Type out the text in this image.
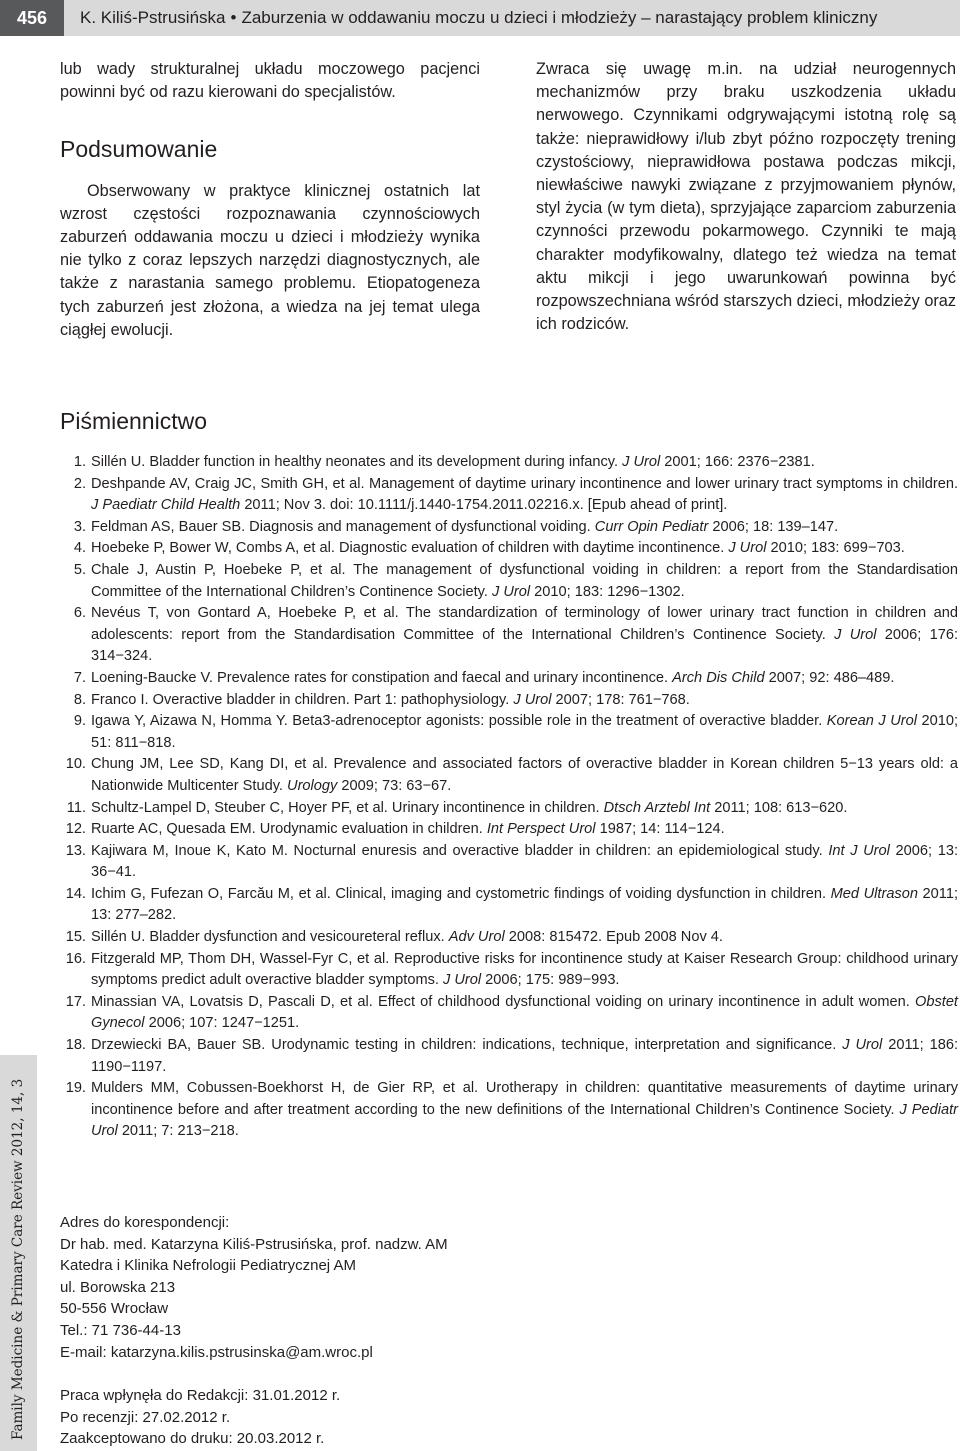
456	K. Kiliś-Pstrusińska • Zaburzenia w oddawaniu moczu u dzieci i młodzieży – narastający problem kliniczny
Family Medicine & Primary Care Review 2012, 14, 3

lub wady strukturalnej układu moczowego pacjenci powinni być od razu kierowani do specjalistów.

Podsumowanie

Obserwowany w praktyce klinicznej ostatnich lat wzrost częstości rozpoznawania czynnościowych zaburzeń oddawania moczu u dzieci i młodzieży wynika nie tylko z coraz lepszych narzędzi diagnostycznych, ale także z narastania samego problemu. Etiopatogeneza tych zaburzeń jest złożona, a wiedza na jej temat ulega ciągłej ewolucji.

Zwraca się uwagę m.in. na udział neurogennych mechanizmów przy braku uszkodzenia układu nerwowego. Czynnikami odgrywającymi istotną rolę są także: nieprawidłowy i/lub zbyt późno rozpoczęty trening czystościowy, nieprawidłowa postawa podczas mikcji, niewłaściwe nawyki związane z przyjmowaniem płynów, styl życia (w tym dieta), sprzyjające zaparciom zaburzenia czynności przewodu pokarmowego. Czynniki te mają charakter modyfikowalny, dlatego też wiedza na temat aktu mikcji i jego uwarunkowań powinna być rozpowszechniana wśród starszych dzieci, młodzieży oraz ich rodziców.

Piśmiennictwo
1. Sillén U. Bladder function in healthy neonates and its development during infancy. J Urol 2001; 166: 2376−2381.
2. Deshpande AV, Craig JC, Smith GH, et al. Management of daytime urinary incontinence and lower urinary tract symptoms in children. J Paediatr Child Health 2011; Nov 3. doi: 10.1111/j.1440-1754.2011.02216.x. [Epub ahead of print].
3. Feldman AS, Bauer SB. Diagnosis and management of dysfunctional voiding. Curr Opin Pediatr 2006; 18: 139–147.
4. Hoebeke P, Bower W, Combs A, et al. Diagnostic evaluation of children with daytime incontinence. J Urol 2010; 183: 699−703.
5. Chale J, Austin P, Hoebeke P, et al. The management of dysfunctional voiding in children: a report from the Standardisation Committee of the International Children’s Continence Society. J Urol 2010; 183: 1296−1302.
6. Nevéus T, von Gontard A, Hoebeke P, et al. The standardization of terminology of lower urinary tract function in children and adolescents: report from the Standardisation Committee of the International Children’s Continence Society. J Urol 2006; 176: 314−324.
7. Loening-Baucke V. Prevalence rates for constipation and faecal and urinary incontinence. Arch Dis Child 2007; 92: 486–489.
8. Franco I. Overactive bladder in children. Part 1: pathophysiology. J Urol 2007; 178: 761−768.
9. Igawa Y, Aizawa N, Homma Y. Beta3-adrenoceptor agonists: possible role in the treatment of overactive bladder. Korean J Urol 2010; 51: 811−818.
10. Chung JM, Lee SD, Kang DI, et al. Prevalence and associated factors of overactive bladder in Korean children 5−13 years old: a Nationwide Multicenter Study. Urology 2009; 73: 63−67.
11. Schultz-Lampel D, Steuber C, Hoyer PF, et al. Urinary incontinence in children. Dtsch Arztebl Int 2011; 108: 613−620.
12. Ruarte AC, Quesada EM. Urodynamic evaluation in children. Int Perspect Urol 1987; 14: 114−124.
13. Kajiwara M, Inoue K, Kato M. Nocturnal enuresis and overactive bladder in children: an epidemiological study. Int J Urol 2006; 13: 36−41.
14. Ichim G, Fufezan O, Farcău M, et al. Clinical, imaging and cystometric findings of voiding dysfunction in children. Med Ultrason 2011; 13: 277–282.
15. Sillén U. Bladder dysfunction and vesicoureteral reflux. Adv Urol 2008: 815472. Epub 2008 Nov 4.
16. Fitzgerald MP, Thom DH, Wassel-Fyr C, et al. Reproductive risks for incontinence study at Kaiser Research Group: childhood urinary symptoms predict adult overactive bladder symptoms. J Urol 2006; 175: 989−993.
17. Minassian VA, Lovatsis D, Pascali D, et al. Effect of childhood dysfunctional voiding on urinary incontinence in adult women. Obstet Gynecol 2006; 107: 1247−1251.
18. Drzewiecki BA, Bauer SB. Urodynamic testing in children: indications, technique, interpretation and significance. J Urol 2011; 186: 1190−1197.
19. Mulders MM, Cobussen-Boekhorst H, de Gier RP, et al. Urotherapy in children: quantitative measurements of daytime urinary incontinence before and after treatment according to the new definitions of the International Children’s Continence Society. J Pediatr Urol 2011; 7: 213−218.
Adres do korespondencji:
Dr hab. med. Katarzyna Kiliś-Pstrusińska, prof. nadzw. AM
Katedra i Klinika Nefrologii Pediatrycznej AM
ul. Borowska 213
50-556 Wrocław
Tel.: 71 736-44-13
E-mail: katarzyna.kilis.pstrusinska@am.wroc.pl
Praca wpłynęła do Redakcji: 31.01.2012 r.
Po recenzji: 27.02.2012 r.
Zaakceptowano do druku: 20.03.2012 r.
